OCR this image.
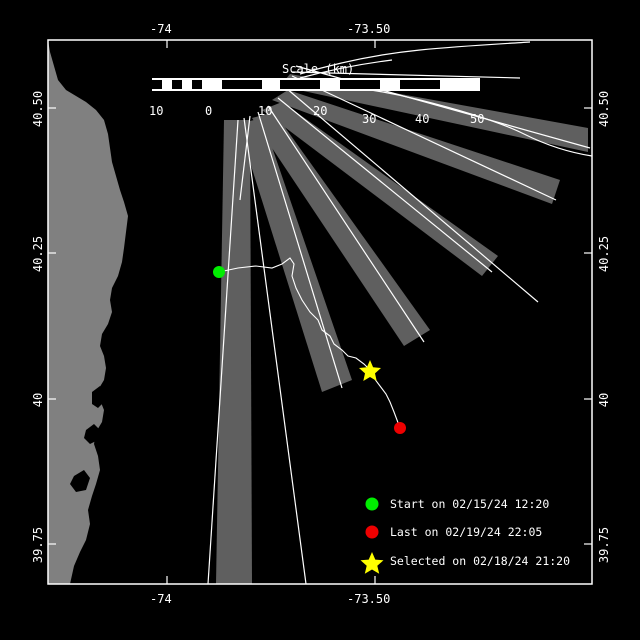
-74	-73.50
-74	-73.50
40.50
40.25
40
39.75
40.50
40.25
40
39.75
Scale (km)
10	0	10	20
30	40	50
Start on 02/15/24 12:20
Last on 02/19/24 22:05
Selected on 02/18/24 21:20
